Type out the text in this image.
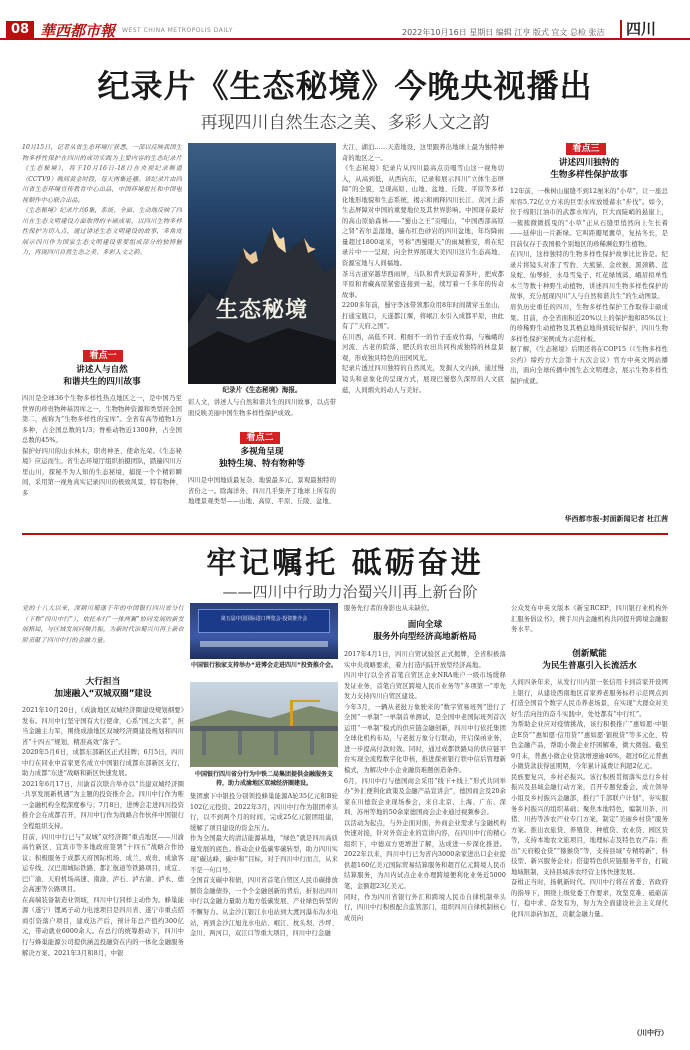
08 華西都市報 WEST CHINA METROPOLIS DAILY	2022年10月16日 星期日 编辑 江亨 版式 宜文 总检 张洁	四川
纪录片《生态秘境》今晚央视播出
再现四川自然生态之美、多彩人文之韵
10月15日，记者从省生态环境厅获悉，一部以反映我国生物多样性保护在四川的成功实践为主要内容的生态纪录片《生态秘境》，将于10月16日-18日在央视纪录频道（CCTV9）晚间黄金时段，每天两集连播。该纪录片由四川省生态环境宣传教育中心出品，中国环境报社和中国电视制作中心联合出品。
《生态秘境》纪录片共6集，系统、全面、生动地反映了四川在生态文明建设方面取得的丰硕成果，以四川生物多样性保护为切入点，通过讲述生态文明建设的故事，多角度展示四川作为国家生态文明建设重要组成部分的独特魅力，再现四川自然生态之美、多彩人文之韵。
看点一
讲述人与自然
和谐共生的四川故事
四川是全球36个生物多样性热点地区之一，是中国乃至世界的珍贵物种基因库之一，生物物种资源和类型居全国第二，被称为“生物多样性的宝库”。全省有高等植物1万多种，占全国总数的1/3；脊椎动物近1300种，占全国总数的45%。
保护好四川的山水林木，职责神圣、使命光荣。《生态秘境》应运而生。省生态环境厅组织拍摄团队，踏遍四川万里山川，探秘不为人知的生态秘境，捕捉一个个精彩瞬间，采用第一视角真实记录四川的极致风景、特有物种、多
生态秘境
纪录片《生态秘境》海报。
彩人文，讲述人与自然和谐共生的四川故事，以点带面反映美丽中国生物多样性保护成效。
看点二
多视角呈现
独特生境、特有物种等
四川是中国地质最复杂、地貌最多元、景观最独特的省份之一。除海洋外，四川几乎集齐了地球上所有的地理景观类型——山地、高原、平原、丘陵、盆地、
大江、湖泊……天造地设，这里跟养出地球上最为独特神奇的地区之一。
《生态秘境》纪录片从四川最高点贡嘎雪山这一视角切入，从高到低，从西向东，记录和展示四川“立体生态屏障”的全貌，呈现高原、山地、盆地、丘陵、平原等多样化地形地貌和生态系统，揭示和阐释四川长江、黄河上游生态屏障对中国的重要地位及其世界影响。中国现存最好的高山原始森林——“蜀山之王”贡嘎山，“中国西部高原之肾”若尔盖湿地，遍布红色砂岩的四川盆地，年均降雨量超过1800毫米，号称“西蜀眼天”的雨城雅安，将在纪录片中一一呈现，向全世界展现大美四川这片生态高地、资源宝地与人间福地。
茶马古道穿越华西雨屏，马队和背夫跃运着茶叶，把成都平原和青藏高原紧密连接到一起，续写着一千多年的传奇故事。
2200多年前，蜀守李冰带领那众用8年时间凿穿玉垒山，打通宝瓶口，天遂都江堰，将岷江水引入成都平原，由此有了“天府之国”。
在川西，高低不同、粗细不一的竹子连成竹海，与巍峨的河流、古老的院落、肥沃的农田共同构成独特的林盘景观，形成独具特色的田园风光。
纪录片透过四川独特的自然风光，发掘人文内涵，通过慢镜头和意象化的呈现方式，展现巴蜀悠久深厚的人文底蕴，人间烟火的动人与美好。
看点三
讲述四川独特的
生物多样性保护故事
12年前，一株树山崖缝不到12厘米的“小草”，让一座总库容5.72亿立方米的巨型水库放缓蓄水“步伐”。如今，位于绵阳江油市的武都水库内，巨大而陡峭的悬崖上，一簇簇微微摇曳的“小草”正从石缝里悄然向上生长着——延伸出一片新绿。它叫距瓣尾囊草，复枯冬长，是目前仅存于我国极个别地区的珍稀濒危野生植物。
在四川，这样独特的生物多样性保护故事比比皆是。纪录片将镜头对准了雪豹、大熊猫、金丝猴、黑颈鹤、蓝泉蛇、仙琴蛙、水母雪兔子、红花绿绒蒿、峨眉拟单性木兰等数十种野生动植物，讲述四川生物多样性保护的故事，充分展现四川“人与自然和谐共生”的生动图景。
肩负历史重任的四川，生物多样性保护工作取得丰硕成果。目前，办全省面积近20%以上的保护地和85%以上的珍稀野生动植物及其栖息地得到较好保护，四川生物多样性保护案例成为示范样板。
据了解，《生态秘境》后期还将在COP15（《生物多样性公约》缔约方大会第十五次会议）官方中英文网站播出，面向全球传播中国生态文明理念，展示生物多样性保护成就。
华西都市报-封面新闻记者 杜江茜
牢记嘱托 砥砺奋进
——四川中行助力治蜀兴川再上新台阶
党的十八大以来，深耕川蜀遂于年的中国银行四川省分行（下称“四川中行”），依托本行“一体两翼”协同发展的新发展格局，与区域发展同频共振，为新时代治蜀兴川再上新台阶贡献了四川中行的金融力量。
大行担当
加速融入“双城双圈”建设
2021年10月20日，《成渝地区双城经济圈建设规划纲要》发布。四川中行坚守国有大行使命，心系“国之大者”，担当金融主力军，围绕成渝地区双城经济圈建设规划和四川省“十四五”规划，精准高效“落子”。
2020年5月6日，成都东部新区正式挂牌；6月5日，四川中行在同业中首家更名成立中国银行成都东部新区支行，助力成都“东进”战略和新区快速发展。
2021年6月17日，川渝首次联合举办以“共建双城经济圈·共享发展新机遇”为主题的投资推介会。四川中行作为唯一金融机构全程深度参与；7月8日，进博会走进四川投资推介会在成都召开，四川中行作为战略合作伙伴中国银行全程组织支持。
目前，四川中行已与“双城”双经济圈“重点地区——川渝高竹新区、宜宾市等多地政府签署“十四五”战略合作协议；积极服务于成都天府国际机场、成兰、成贵、成渝客运专线、汉巴南城际铁路、都汇航道等铁路项目，成宜、巴广渝、天府机场高速、南渝、泸石、泸古渝、泸永、德会高速等公路项目。
在高端装备制造业领域，四川中行同样主动作为。蜂巢能源（遂宁）锂离子动力电池项目是四川省、遂宁市重点招商引资落户项目，建成达产后，预计年总产值约300亿元，带动就业6000余人。在总行的统筹推动下，四川中行与蜂巢能源公司提供涵盖投融资在内的一体化金融服务解决方案。2021年3月和8月，中银
第五届中国国际进口博览会·投资推介会
中国银行独家支持举办“进博会走进四川”投资推介会。
中国银行四川省分行为中铁二局集团提供金融服务支持，助力成渝地区双城经济圈建设。
集团旗下中银投分别领投蜂巢能源A轮35亿元和B轮102亿元投资。2022年3月，四川中行作为银团牵头行，以不到两个月的时间，完成25亿元银团组建，缓解了项目建设的资金压力。
作为全国最大的清洁能源基地，“绿色”就是四川高质量发展的底色。推动企业低碳零碳转型，助力四川实现“碳达峰、碳中和”目标，对于四川中行而言，从来不是一句口号。
全国首支碳中和债，四川省首笔自贸区人民币碳排放额资金融债券，一个个金融创新的背后，折射出四川中行以金融力量助力地方低碳发展、产业绿色转型的不懈努力。从金沙江银江水电站到大渡河瀑布沟水电站，再到金沙江旭龙水电站、岷江、枕头坝、沙坪、金川、两河口，双江口等重大项目，四川中行金融
服务先行者的身影也从未缺位。
面向全球
服务外向型经济高地新格局
2017年4月1日，四川自贸试验区正式揭牌，全省积极落实中央战略要求，着力打造内陆开放型经济高地。
四川中行以全省首笔自贸区企业NRA账户一级市场缓释发证业务，首笔自贸区跨境人民币业务等“多项第一”率先发力支持四川自贸区建设。
今年3月，一辆从老挝万象驶来的“数字贸易班列”进行了全国“一单制”一单制首单测试，是全国中老国际班列首次运用“一单制”模式的供应链金融创新，四川中行依托集团全球化机构布局，与老挝万象分行联动，开启保函业务，进一步提高付款时效。同时，通过成都铁路局的供应链平台实现全流程数字化审核，推进探索银行铁中信后管理新模式，为解决中小企业融资难题创造条件。
6月，四川中行与德国商会采用“线下+线上”形式共同举办“外汇便利化政策及金融产品宣讲会”，德国商会及20余家在川德资企业现场参会，来自北京、上海、广东、深圳、苏州等地的50余家德国商会企业通过视频参会。
以活动为起点，与外企面对面，外商企业需求与金融机构快速对接，针对外资企业的宣讲内容，在四川中行的精心组织下，中德双方更增进了解，达成进一步深化推进。2022年以来，四川中行已为省内3000余家进出口企业提供超160亿美元国际贸易结算服务和超百亿元跨境人民币结算服务，为川内试点企业办理跨境便利化业务近5000笔，金额超23亿美元。
同时，作为四川省银行外汇和跨境人民币自律机制牵头行，四川中行积极配合监管部门，组织四川自律机制核心成员向
公众发布中英文版本《新宝RCEP，四川银行业机构外汇服务倡议书》，携手川内金融机构共同提升跨境金融服务水平。
创新赋能
为民生普惠引入长流活水
人间四条年来，从发行川内第一张信用卡到首家开设网上银行，从建设西南地区首家养老服务标杆示范网点到打造全国首个数字人民币养老场景，在实现“大群众对美好生活向往的奋斗实践中，处处都有“中行红”。
为帮助企业应对疫情挑战，该行积极推广“惠如愿·中银企E贷”“惠如愿·信用贷”“惠如愿·银税贷”等多元化、特色金融产品，帮助小微企业纾困解难，微大微强。截至9月末，普惠小微企业贷款增速逾46%，超过6亿元普惠小微贷款获得延期期，今年累计减费让利超2亿元。
民族要复兴，乡村必振兴。该行积极贯彻落实总行乡村振兴及县域金融行动方案，召开专题党委会，成立领导小组及乡村振兴金融部，推行“千部联户计划”，夯实服务乡村振兴的组织基础；聚焦本地特色，编制川茶、川猪、川药等涉农产业专门方案，制定“美丽乡村贷”服务方案。推出农旅贷、养殖贷、种植贷、农业贷、园区贷等，支持本地农文旅项目，地理标志及特色农产品；推出“天府粮仓贷”“猕猴贷”等，支持县域“专精特新”、科技型、新兴服务企业；搭建特色供应链服务平台，打破地域限制，支持县域涉农经营主体快速发展。
奋楫正当时，扬帆新时代。四川中行将在省委、省政府的指导下，围绕上级党委工作要求，攻坚克难、砥砺前行，稳中求、奋发有为，努力为全面建设社会主义现代化四川添砖加瓦，贡献金融力量。
（川中行）
